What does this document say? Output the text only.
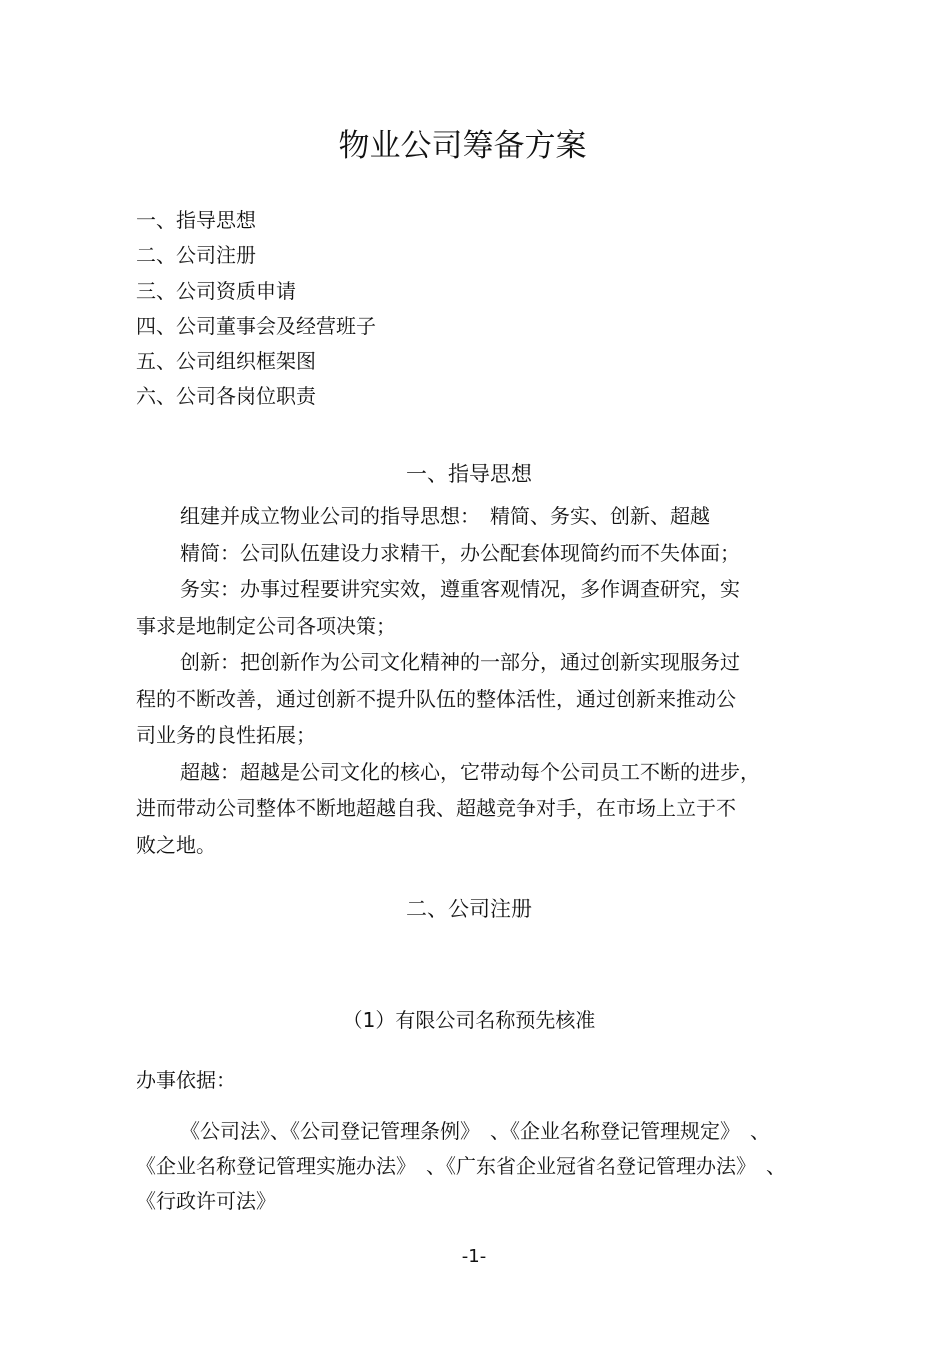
物业公司筹备方案
一、指导思想
二、公司注册
三、公司资质申请
四、公司董事会及经营班子
五、公司组织框架图
六、公司各岗位职责
一、指导思想
组建并成立物业公司的指导思想：　精简、务实、创新、超越
精简：公司队伍建设力求精干，办公配套体现简约而不失体面；
务实：办事过程要讲究实效，遵重客观情况，多作调查研究，实
事求是地制定公司各项决策；
创新：把创新作为公司文化精神的一部分，通过创新实现服务过
程的不断改善，通过创新不提升队伍的整体活性，通过创新来推动公
司业务的良性拓展；
超越：超越是公司文化的核心，它带动每个公司员工不断的进步，
进而带动公司整体不断地超越自我、超越竞争对手，在市场上立于不
败之地。
二、公司注册
（1）有限公司名称预先核准
办事依据：
《公司法》、《公司登记管理条例》　、《企业名称登记管理规定》　、
《企业名称登记管理实施办法》　、《广东省企业冠省名登记管理办法》　、
《行政许可法》
-1-
